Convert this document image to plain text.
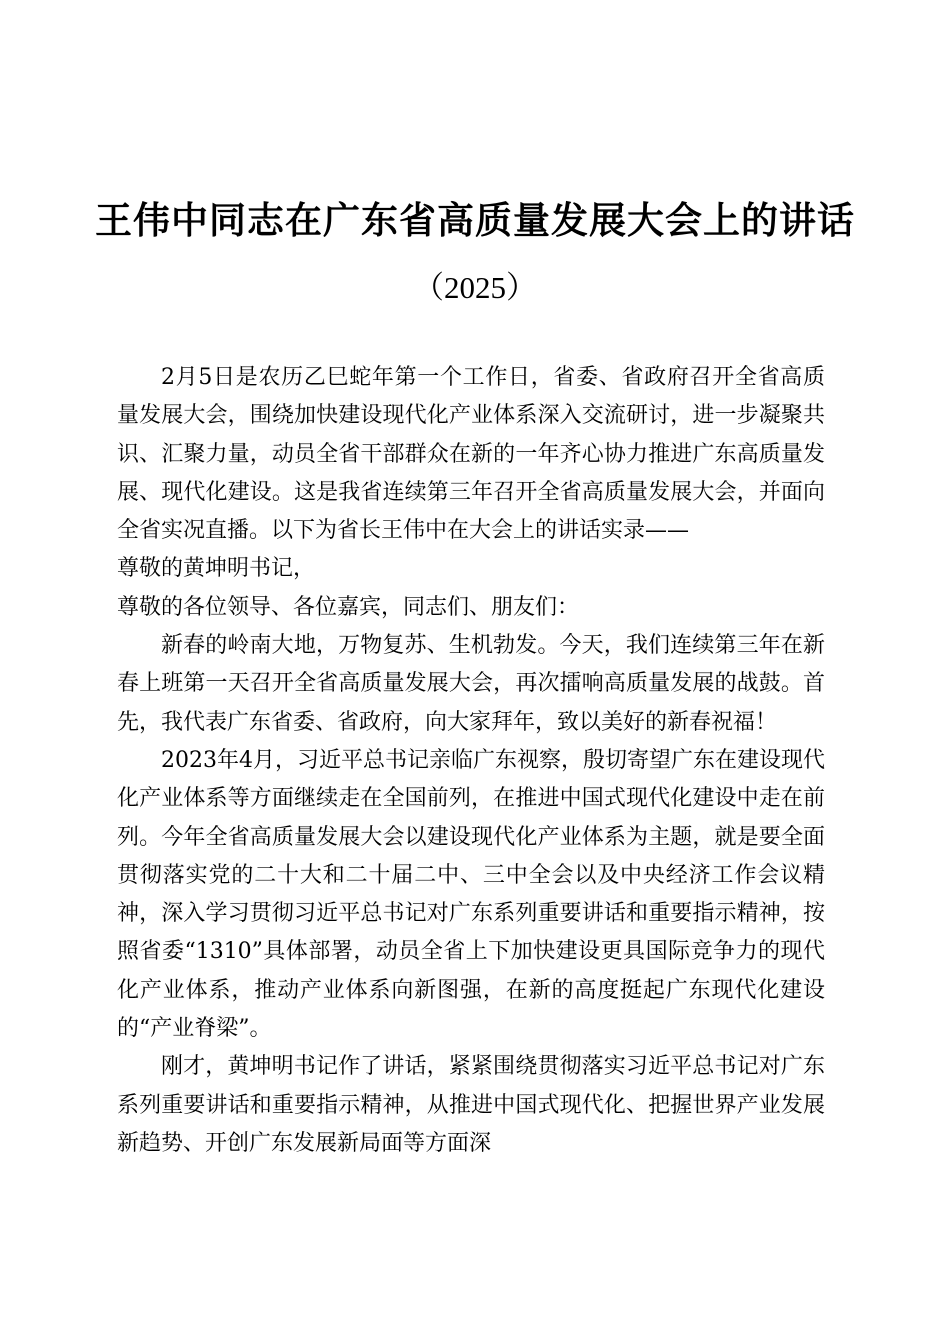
王伟中同志在广东省高质量发展大会上的讲话
（2025）

2月5日是农历乙巳蛇年第一个工作日，省委、省政府召开全省高质量发展大会，围绕加快建设现代化产业体系深入交流研讨，进一步凝聚共识、汇聚力量，动员全省干部群众在新的一年齐心协力推进广东高质量发展、现代化建设。这是我省连续第三年召开全省高质量发展大会，并面向全省实况直播。以下为省长王伟中在大会上的讲话实录——

尊敬的黄坤明书记，

尊敬的各位领导、各位嘉宾，同志们、朋友们：

新春的岭南大地，万物复苏、生机勃发。今天，我们连续第三年在新春上班第一天召开全省高质量发展大会，再次擂响高质量发展的战鼓。首先，我代表广东省委、省政府，向大家拜年，致以美好的新春祝福！

2023年4月，习近平总书记亲临广东视察，殷切寄望广东在建设现代化产业体系等方面继续走在全国前列，在推进中国式现代化建设中走在前列。今年全省高质量发展大会以建设现代化产业体系为主题，就是要全面贯彻落实党的二十大和二十届二中、三中全会以及中央经济工作会议精神，深入学习贯彻习近平总书记对广东系列重要讲话和重要指示精神，按照省委“1310”具体部署，动员全省上下加快建设更具国际竞争力的现代化产业体系，推动产业体系向新图强，在新的高度挺起广东现代化建设的“产业脊梁”。

刚才，黄坤明书记作了讲话，紧紧围绕贯彻落实习近平总书记对广东系列重要讲话和重要指示精神，从推进中国式现代化、把握世界产业发展新趋势、开创广东发展新局面等方面深
